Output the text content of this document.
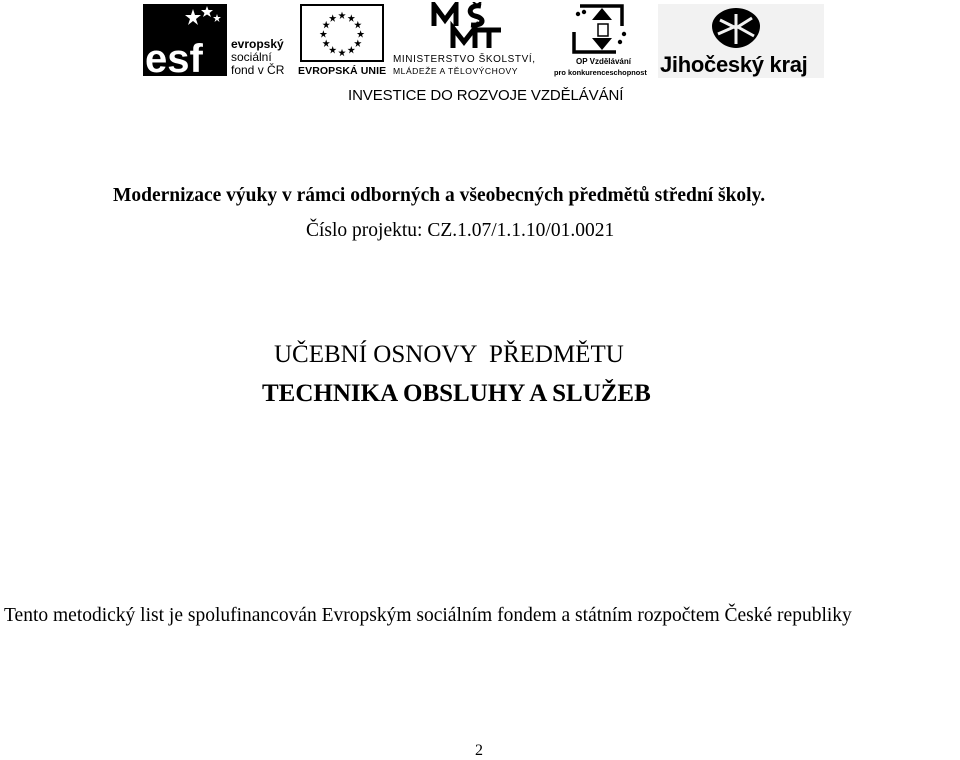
esf evropský
sociální
fond v ČR EVROPSKÁ UNIE
MINISTERSTVO ŠKOLSTVÍ,
MLÁDEŽE A TĚLOVÝCHOVY
OP Vzdělávání
pro konkurenceschopnost Jihočeský kraj
INVESTICE DO ROZVOJE VZDĚLÁVÁNÍ
Modernizace výuky v rámci odborných a všeobecných předmětů střední školy.
Číslo projektu: CZ.1.07/1.1.10/01.0021
UČEBNÍ OSNOVY  PŘEDMĚTU
TECHNIKA OBSLUHY A SLUŽEB
Tento metodický list je spolufinancován Evropským sociálním fondem a státním rozpočtem České republiky
2
